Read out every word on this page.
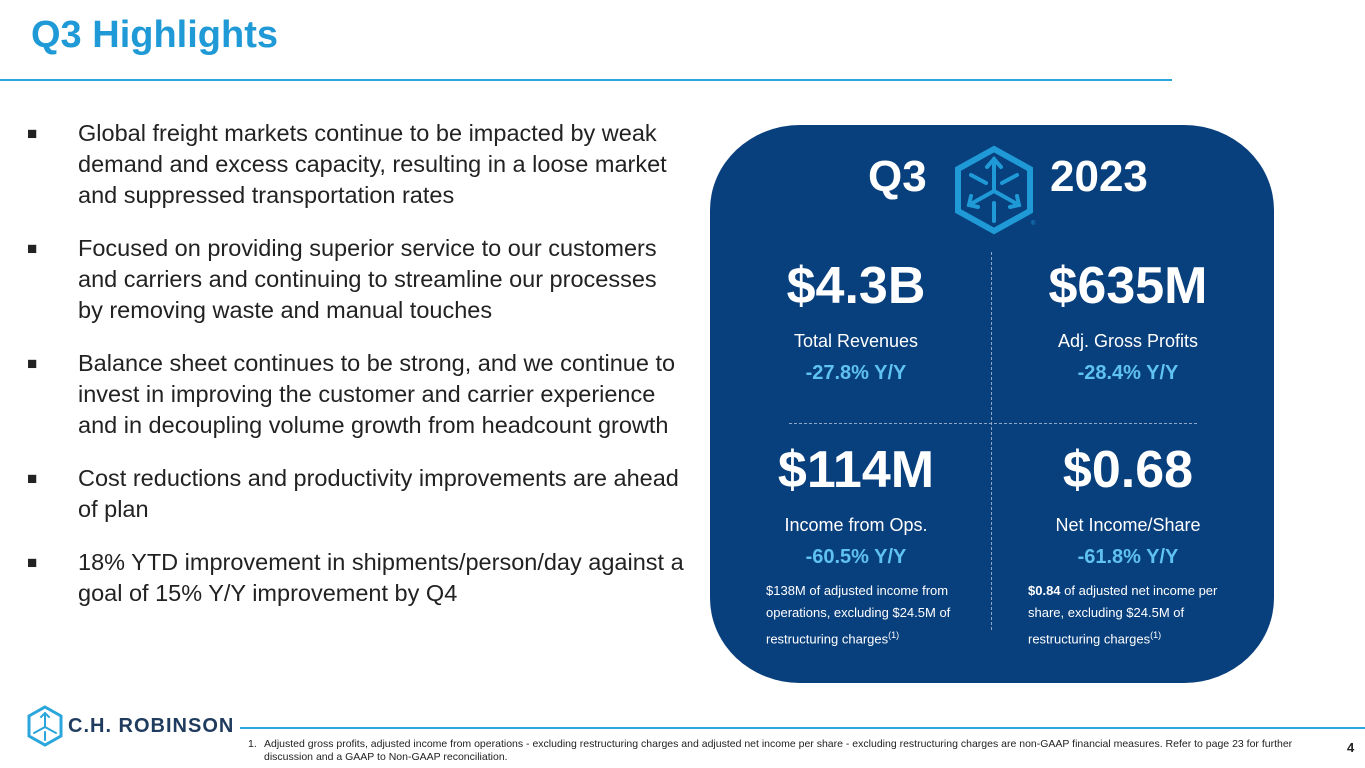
Q3 Highlights
■ Global freight markets continue to be impacted by weak demand and excess capacity, resulting in a loose market and suppressed transportation rates
■ Focused on providing superior service to our customers and carriers and continuing to streamline our processes by removing waste and manual touches
■ Balance sheet continues to be strong, and we continue to invest in improving the customer and carrier experience and in decoupling volume growth from headcount growth
■ Cost reductions and productivity improvements are ahead of plan
■ 18% YTD improvement in shipments/person/day against a goal of 15% Y/Y improvement by Q4
Q3
®
2023
$4.3B
Total Revenues
-27.8% Y/Y
$635M
Adj. Gross Profits
-28.4% Y/Y
$114M
Income from Ops.
-60.5% Y/Y
$0.68
Net Income/Share
-61.8% Y/Y
$138M of adjusted income from operations, excluding $24.5M of restructuring charges$^{(1)}$
$0.84 of adjusted net income per share, excluding $24.5M of restructuring charges$^{(1)}$
C.H. ROBINSON
1. Adjusted gross profits, adjusted income from operations - excluding restructuring charges and adjusted net income per share - excluding restructuring charges are non-GAAP financial measures. Refer to page 23 for further discussion and a GAAP to Non-GAAP reconciliation.
4
